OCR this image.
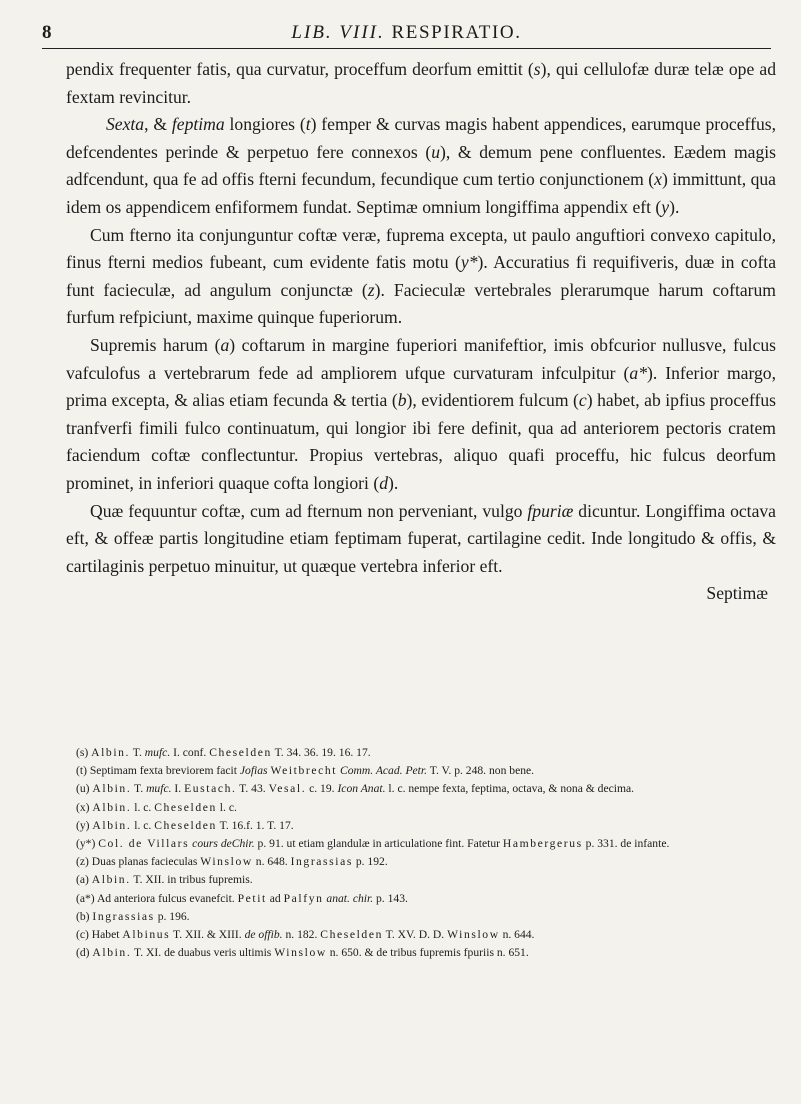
8	LIB. VIII. RESPIRATIO.

pendix frequenter fatis, qua curvatur, proceffum deorfum emittit (s), qui cellulofæ duræ telæ ope ad fextam revincitur.

Sexta, & feptima longiores (t) femper & curvas magis habent appendices, earumque proceffus, defcendentes perinde & perpetuo fere connexos (u), & demum pene confluentes. Eædem magis adfcendunt, qua fe ad offis fterni fecundum, fecundique cum tertio conjunctionem (x) immittunt, qua idem os appendicem enfiformem fundat. Septimæ omnium longiffima appendix eft (y).

Cum fterno ita conjunguntur coftæ veræ, fuprema excepta, ut paulo anguftiori convexo capitulo, finus fterni medios fubeant, cum evidente fatis motu (y*). Accuratius fi requifiveris, duæ in cofta funt facieculæ, ad angulum conjunctæ (z). Facieculæ vertebrales plerarumque harum coftarum furfum refpiciunt, maxime quinque fuperiorum.

Supremis harum (a) coftarum in margine fuperiori manifeftior, imis obfcurior nullusve, fulcus vafculofus a vertebrarum fede ad ampliorem ufque curvaturam infculpitur (a*). Inferior margo, prima excepta, & alias etiam fecunda & tertia (b), evidentiorem fulcum (c) habet, ab ipfius proceffus tranfverfi fimili fulco continuatum, qui longior ibi fere definit, qua ad anteriorem pectoris cratem faciendum coftæ conflectuntur. Propius vertebras, aliquo quafi proceffu, hic fulcus deorfum prominet, in inferiori quaque cofta longiori (d).

Quæ fequuntur coftæ, cum ad fternum non perveniant, vulgo fpuriæ dicuntur. Longiffima octava eft, & offeæ partis longitudine etiam feptimam fuperat, cartilagine cedit. Inde longitudo & offis, & cartilaginis perpetuo minuitur, ut quæque vertebra inferior eft.

Septimæ

(s) Albin. T. mufc. I. conf. Cheselden T. 34. 36. 19. 16. 17.

(t) Septimam fexta breviorem facit Jofias Weitbrecht Comm. Acad. Petr. T. V. p. 248. non bene.

(u) Albin. T. mufc. I. Eustach. T. 43. Vesal. c. 19. Icon Anat. l. c. nempe fexta, feptima, octava, & nona & decima.

(x) Albin. l. c. Cheselden l. c.

(y) Albin. l. c. Cheselden T. 16.f. 1. T. 17.

(y*) Col. de Villars cours deChir. p. 91. ut etiam glandulæ in articulatione fint. Fatetur Hambergerus p. 331. de infante.

(z) Duas planas facieculas Winslow n. 648. Ingrassias p. 192.

(a) Albin. T. XII. in tribus fupremis.

(a*) Ad anteriora fulcus evanefcit. Petit ad Palfyn anat. chir. p. 143.

(b) Ingrassias p. 196.

(c) Habet Albinus T. XII. & XIII. de offib. n. 182. Cheselden T. XV. D. D. Winslow n. 644.

(d) Albin. T. XI. de duabus veris ultimis Winslow n. 650. & de tribus fupremis fpuriis n. 651.
